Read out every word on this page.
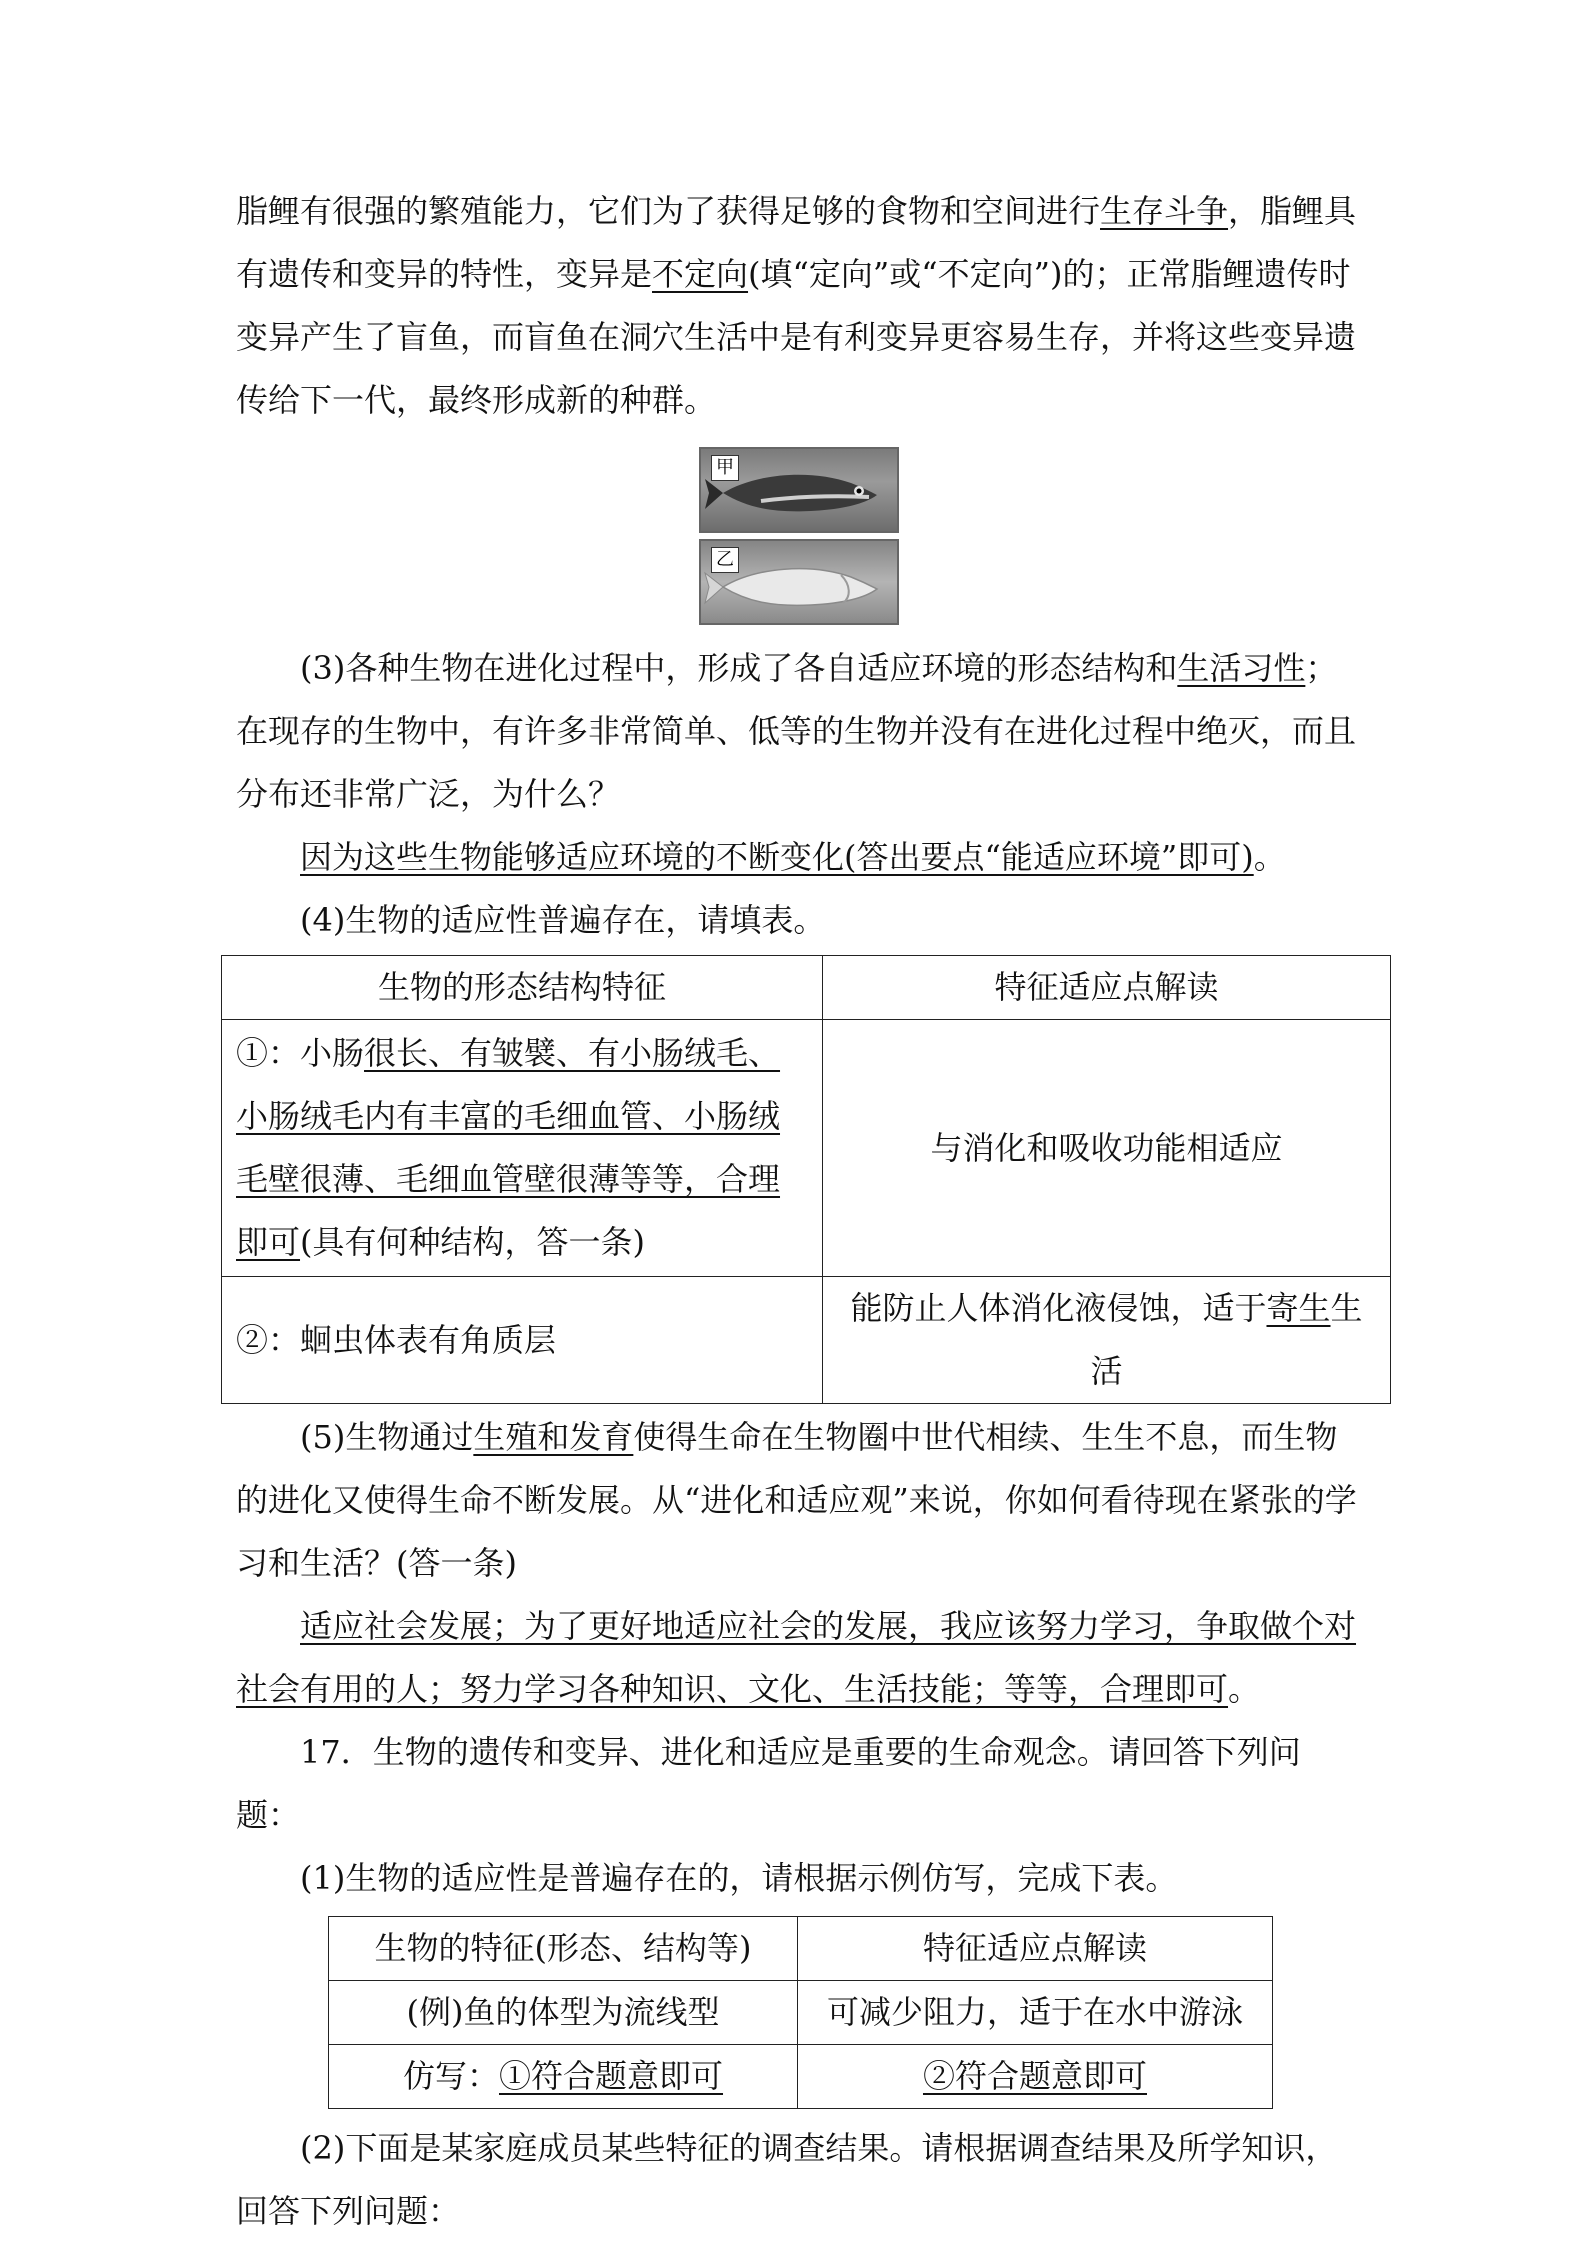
脂鲤有很强的繁殖能力，它们为了获得足够的食物和空间进行生存斗争，脂鲤具有遗传和变异的特性，变异是不定向(填“定向”或“不定向”)的；正常脂鲤遗传时变异产生了盲鱼，而盲鱼在洞穴生活中是有利变异更容易生存，并将这些变异遗传给下一代，最终形成新的种群。

甲
乙

(3)各种生物在进化过程中，形成了各自适应环境的形态结构和生活习性；在现存的生物中，有许多非常简单、低等的生物并没有在进化过程中绝灭，而且分布还非常广泛，为什么？

因为这些生物能够适应环境的不断变化(答出要点“能适应环境”即可)。

(4)生物的适应性普遍存在，请填表。

生物的形态结构特征	特征适应点解读
①：小肠很长、有皱襞、有小肠绒毛、小肠绒毛内有丰富的毛细血管、小肠绒毛壁很薄、毛细血管壁很薄等等，合理即可(具有何种结构，答一条)	与消化和吸收功能相适应
②：蛔虫体表有角质层	能防止人体消化液侵蚀，适于寄生生活

(5)生物通过生殖和发育使得生命在生物圈中世代相续、生生不息，而生物的进化又使得生命不断发展。从“进化和适应观”来说，你如何看待现在紧张的学习和生活？(答一条)

适应社会发展；为了更好地适应社会的发展，我应该努力学习，争取做个对社会有用的人；努力学习各种知识、文化、生活技能；等等，合理即可。

17．生物的遗传和变异、进化和适应是重要的生命观念。请回答下列问题：

(1)生物的适应性是普遍存在的，请根据示例仿写，完成下表。

生物的特征(形态、结构等)	特征适应点解读
(例)鱼的体型为流线型	可减少阻力，适于在水中游泳
仿写：①符合题意即可	②符合题意即可

(2)下面是某家庭成员某些特征的调查结果。请根据调查结果及所学知识，回答下列问题：
